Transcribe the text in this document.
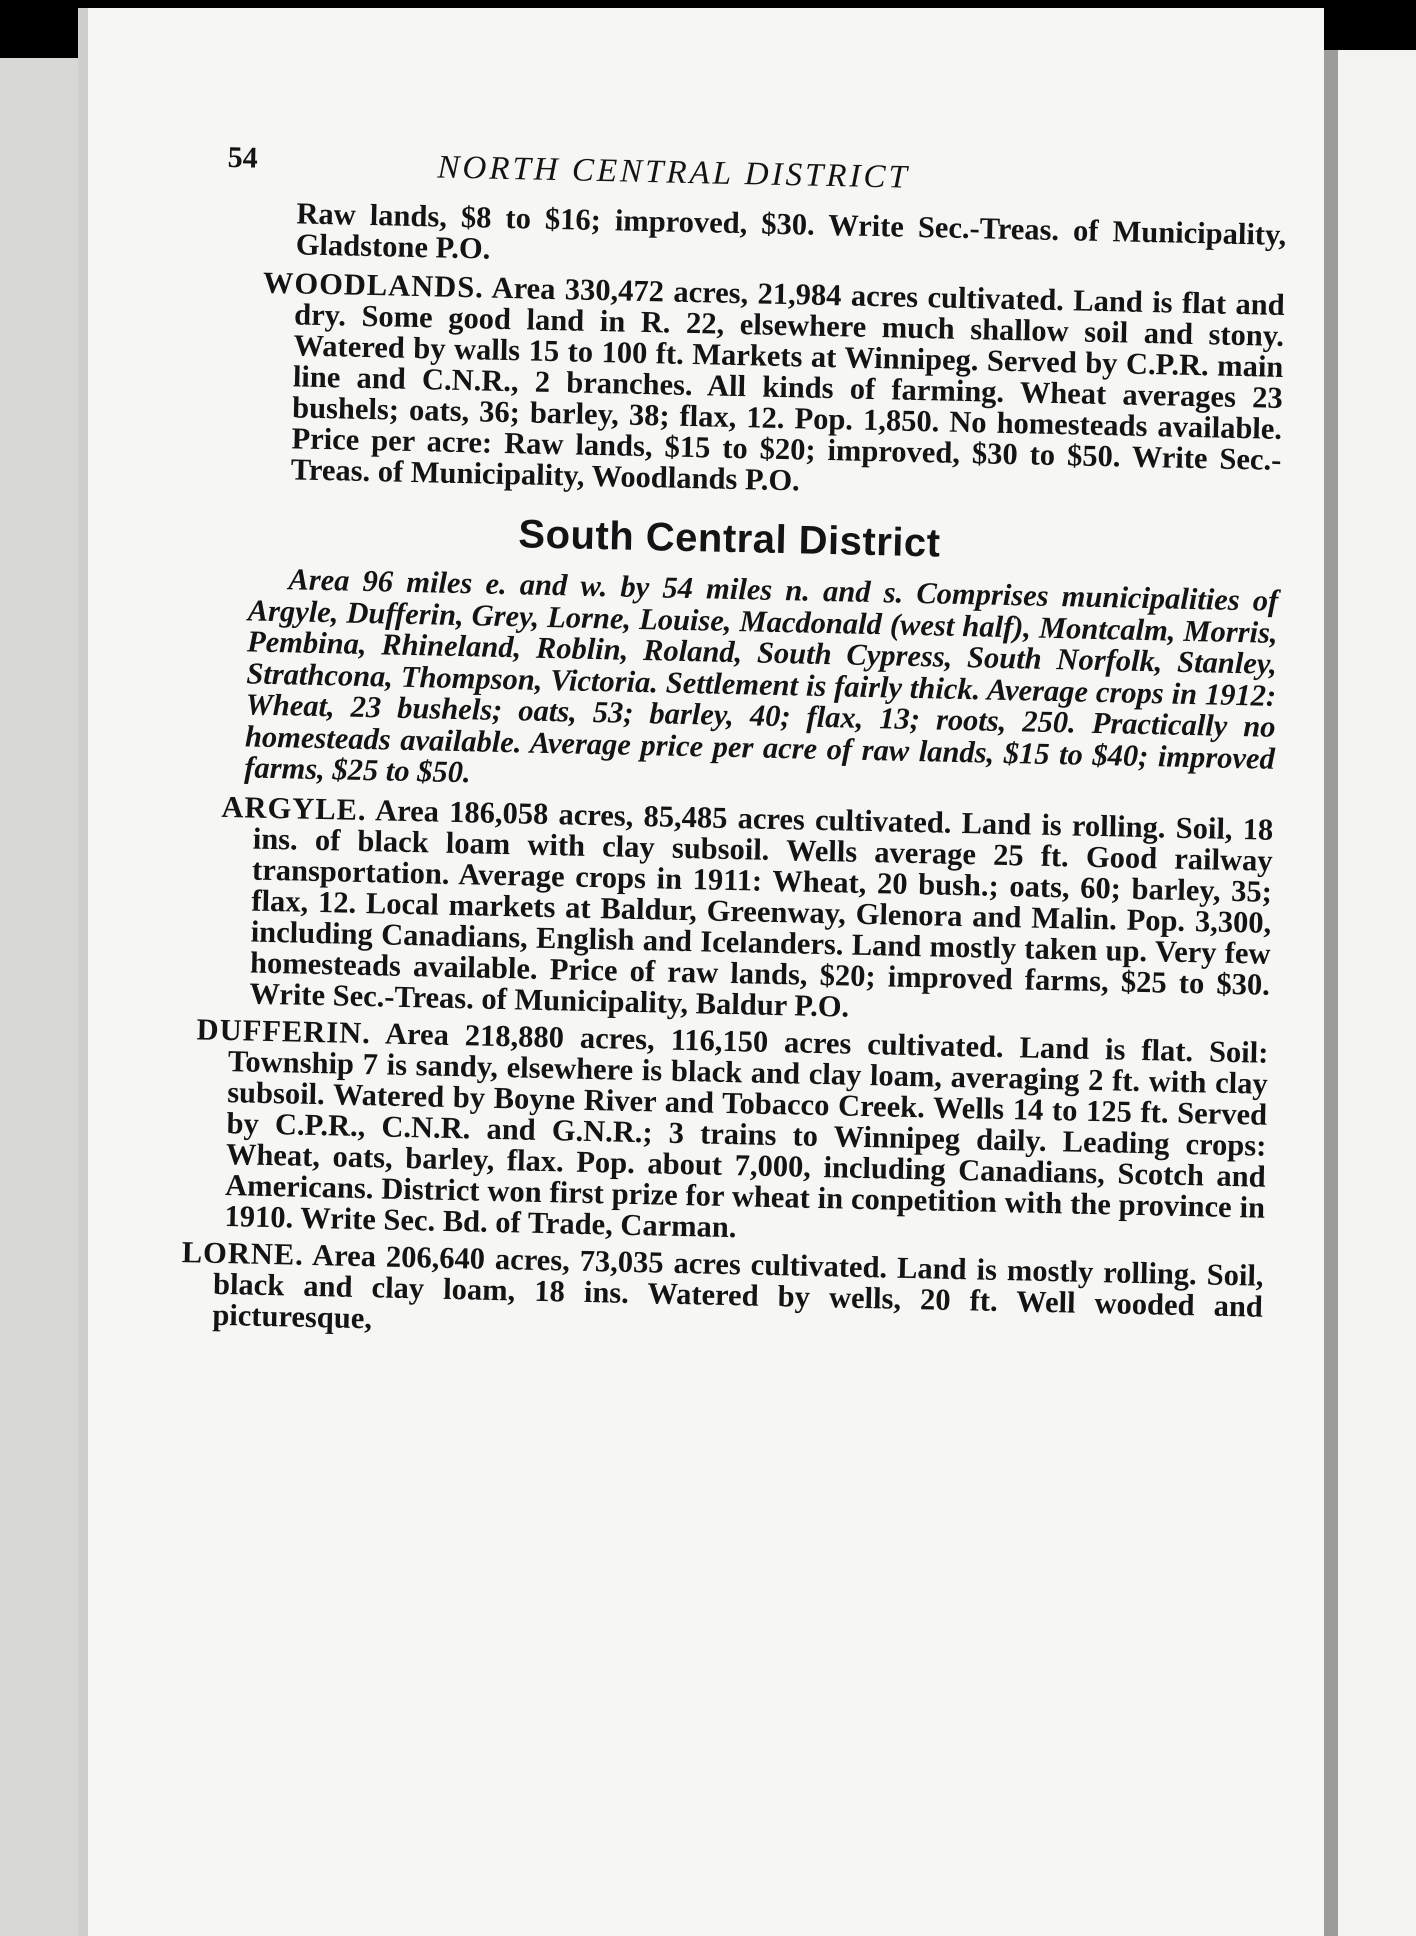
54	NORTH CENTRAL DISTRICT

Raw lands, $8 to $16; improved, $30. Write Sec.-Treas. of Municipality, Gladstone P.O.

WOODLANDS. Area 330,472 acres, 21,984 acres cultivated. Land is flat and dry. Some good land in R. 22, elsewhere much shallow soil and stony. Watered by walls 15 to 100 ft. Markets at Winnipeg. Served by C.P.R. main line and C.N.R., 2 branches. All kinds of farming. Wheat averages 23 bushels; oats, 36; barley, 38; flax, 12. Pop. 1,850. No homesteads available. Price per acre: Raw lands, $15 to $20; improved, $30 to $50. Write Sec.-Treas. of Municipality, Woodlands P.O.

South Central District

Area 96 miles e. and w. by 54 miles n. and s. Comprises municipalities of Argyle, Dufferin, Grey, Lorne, Louise, Macdonald (west half), Montcalm, Morris, Pembina, Rhineland, Roblin, Roland, South Cypress, South Norfolk, Stanley, Strathcona, Thompson, Victoria. Settlement is fairly thick. Average crops in 1912: Wheat, 23 bushels; oats, 53; barley, 40; flax, 13; roots, 250. Practically no homesteads available. Average price per acre of raw lands, $15 to $40; improved farms, $25 to $50.

ARGYLE. Area 186,058 acres, 85,485 acres cultivated. Land is rolling. Soil, 18 ins. of black loam with clay subsoil. Wells average 25 ft. Good railway transportation. Average crops in 1911: Wheat, 20 bush.; oats, 60; barley, 35; flax, 12. Local markets at Baldur, Greenway, Glenora and Malin. Pop. 3,300, including Canadians, English and Icelanders. Land mostly taken up. Very few homesteads available. Price of raw lands, $20; improved farms, $25 to $30. Write Sec.-Treas. of Municipality, Baldur P.O.

DUFFERIN. Area 218,880 acres, 116,150 acres cultivated. Land is flat. Soil: Township 7 is sandy, elsewhere is black and clay loam, averaging 2 ft. with clay subsoil. Watered by Boyne River and Tobacco Creek. Wells 14 to 125 ft. Served by C.P.R., C.N.R. and G.N.R.; 3 trains to Winnipeg daily. Leading crops: Wheat, oats, barley, flax. Pop. about 7,000, including Canadians, Scotch and Americans. District won first prize for wheat in conpetition with the province in 1910. Write Sec. Bd. of Trade, Carman.

LORNE. Area 206,640 acres, 73,035 acres cultivated. Land is mostly rolling. Soil, black and clay loam, 18 ins. Watered by wells, 20 ft. Well wooded and picturesque,
